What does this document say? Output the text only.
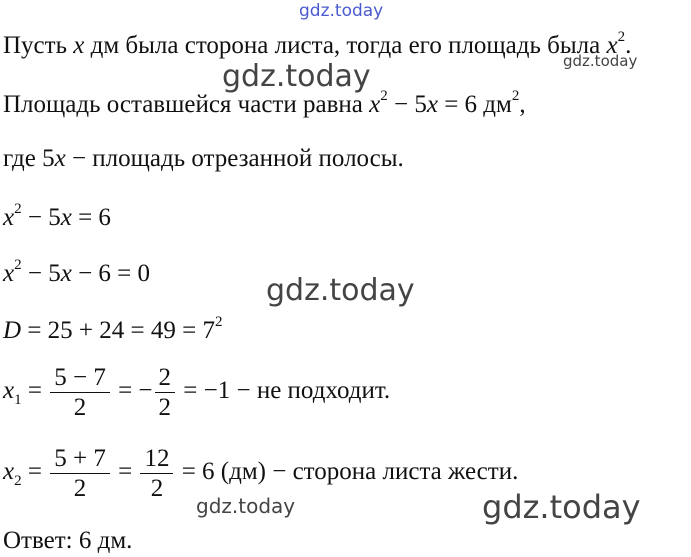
gdz.today
gdz.today
gdz.today
gdz.today
gdz.today	gdz.today
Пусть x дм была сторона листа, тогда его площадь была $x^2$.
Площадь оставшейся части равна $x^2 - 5x = 6$ $дм^2$,
где 5x − площадь отрезанной полосы.
$x^2 - 5x = 6$
$x^2 - 5x - 6 = 0$
$D = 25 + 24 = 49 = 7^2$
$x_1 = \frac{5 - 7}{2}$ = − $\frac{2}{2} = -1$ − не подходит.
$x_2 = \frac{5 + 7}{2} = \frac{12}{2} = 6$ (дм) − сторона листа жести.
Ответ: 6 дм.
